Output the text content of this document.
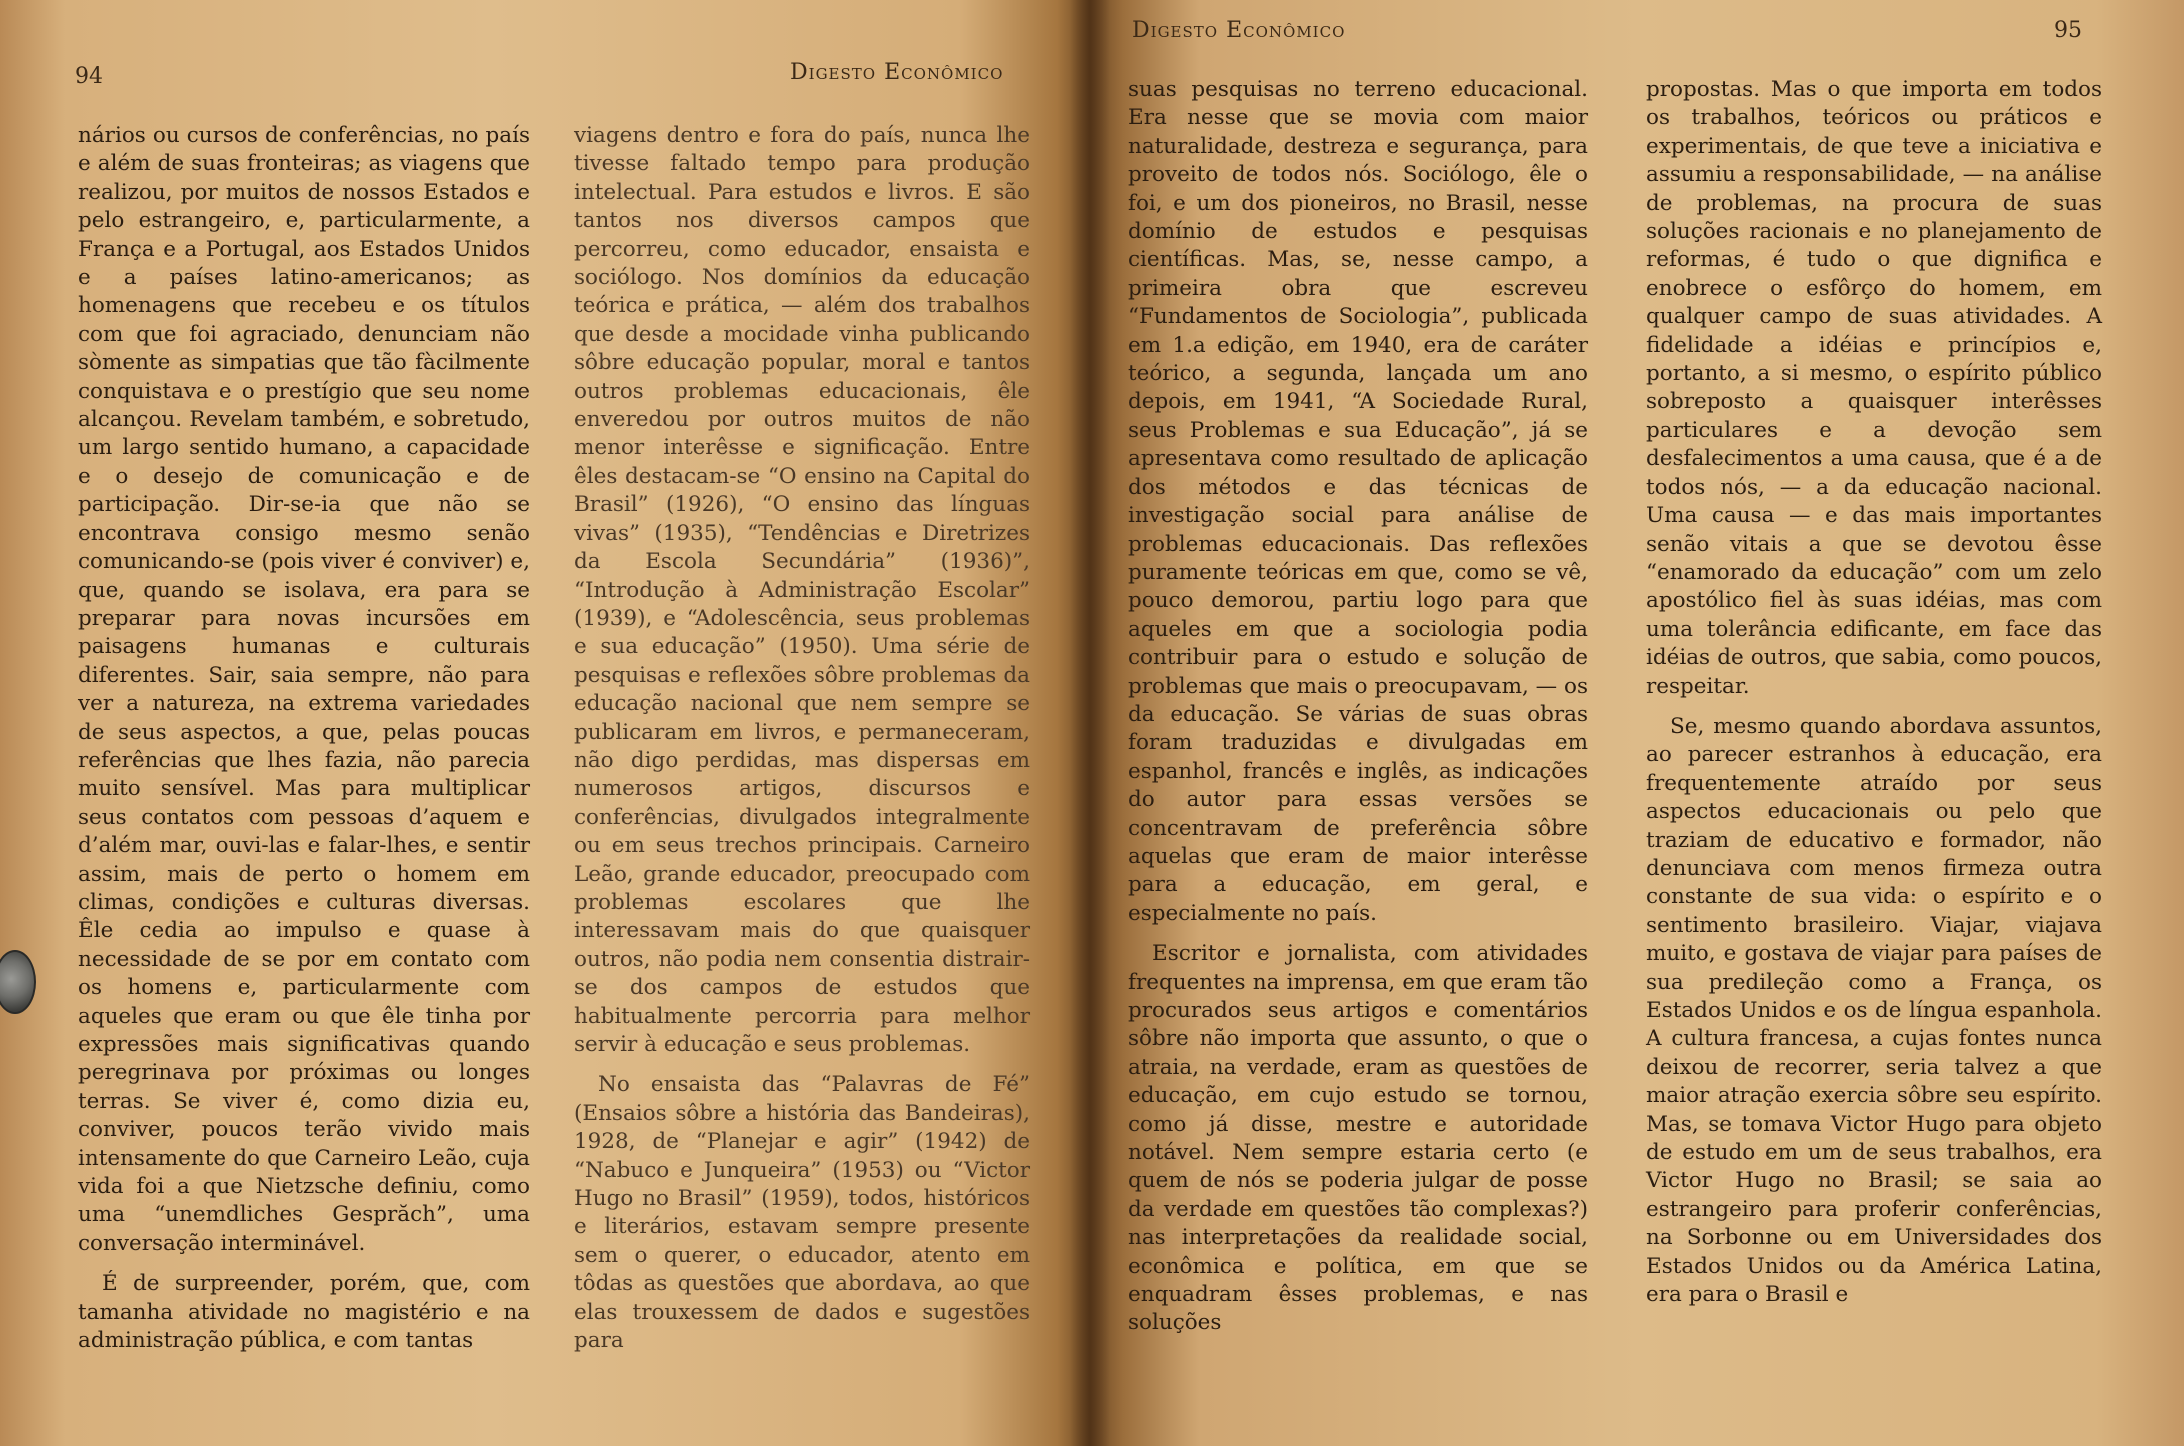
94	Digesto Econômico

nários ou cursos de conferências, no país e além de suas fronteiras; as viagens que realizou, por muitos de nossos Estados e pelo estrangeiro, e, particularmente, a França e a Portugal, aos Estados Unidos e a países latino-americanos; as homenagens que recebeu e os títulos com que foi agraciado, denunciam não sòmente as simpatias que tão fàcilmente conquistava e o prestígio que seu nome alcançou. Revelam também, e sobretudo, um largo sentido humano, a capacidade e o desejo de comunicação e de participação. Dir-se-ia que não se encontrava consigo mesmo senão comunicando-se (pois viver é conviver) e, que, quando se isolava, era para se preparar para novas incursões em paisagens humanas e culturais diferentes. Sair, saia sempre, não para ver a natureza, na extrema variedades de seus aspectos, a que, pelas poucas referências que lhes fazia, não parecia muito sensível. Mas para multiplicar seus contatos com pessoas d’aquem e d’além mar, ouvi-las e falar-lhes, e sentir assim, mais de perto o homem em climas, condições e culturas diversas. Êle cedia ao impulso e quase à necessidade de se por em contato com os homens e, particularmente com aqueles que eram ou que êle tinha por expressões mais significativas quando peregrinava por próximas ou longes terras. Se viver é, como dizia eu, conviver, poucos terão vivido mais intensamente do que Carneiro Leão, cuja vida foi a que Nietzsche definiu, como uma “unemdliches Gesprăch”, uma conversação interminável.

É de surpreender, porém, que, com tamanha atividade no magistério e na administração pública, e com tantas

viagens dentro e fora do país, nunca lhe tivesse faltado tempo para produção intelectual. Para estudos e livros. E são tantos nos diversos campos que percorreu, como educador, ensaista e sociólogo. Nos domínios da educação teórica e prática, — além dos trabalhos que desde a mocidade vinha publicando sôbre educação popular, moral e tantos outros problemas educacionais, êle enveredou por outros muitos de não menor interêsse e significação. Entre êles destacam-se “O ensino na Capital do Brasil” (1926), “O ensino das línguas vivas” (1935), “Tendências e Diretrizes da Escola Secundária” (1936)”, “Introdução à Administração Escolar” (1939), e “Adolescência, seus problemas e sua educação” (1950). Uma série de pesquisas e reflexões sôbre problemas da educação nacional que nem sempre se publicaram em livros, e permaneceram, não digo perdidas, mas dispersas em numerosos artigos, discursos e conferências, divulgados integralmente ou em seus trechos principais. Carneiro Leão, grande educador, preocupado com problemas escolares que lhe interessavam mais do que quaisquer outros, não podia nem consentia distrair-se dos campos de estudos que habitualmente percorria para melhor servir à educação e seus problemas.

No ensaista das “Palavras de Fé” (Ensaios sôbre a história das Bandeiras), 1928, de “Planejar e agir” (1942) de “Nabuco e Junqueira” (1953) ou “Victor Hugo no Brasil” (1959), todos, históricos e literários, estavam sempre presente sem o querer, o educador, atento em tôdas as questões que abordava, ao que elas trouxessem de dados e sugestões para

Digesto Econômico	95

suas pesquisas no terreno educacional. Era nesse que se movia com maior naturalidade, destreza e segurança, para proveito de todos nós. Sociólogo, êle o foi, e um dos pioneiros, no Brasil, nesse domínio de estudos e pesquisas científicas. Mas, se, nesse campo, a primeira obra que escreveu “Fundamentos de Sociologia”, publicada em 1.a edição, em 1940, era de caráter teórico, a segunda, lançada um ano depois, em 1941, “A Sociedade Rural, seus Problemas e sua Educação”, já se apresentava como resultado de aplicação dos métodos e das técnicas de investigação social para análise de problemas educacionais. Das reflexões puramente teóricas em que, como se vê, pouco demorou, partiu logo para que aqueles em que a sociologia podia contribuir para o estudo e solução de problemas que mais o preocupavam, — os da educação. Se várias de suas obras foram traduzidas e divulgadas em espanhol, francês e inglês, as indicações do autor para essas versões se concentravam de preferência sôbre aquelas que eram de maior interêsse para a educação, em geral, e especialmente no país.

Escritor e jornalista, com atividades frequentes na imprensa, em que eram tão procurados seus artigos e comentários sôbre não importa que assunto, o que o atraia, na verdade, eram as questões de educação, em cujo estudo se tornou, como já disse, mestre e autoridade notável. Nem sempre estaria certo (e quem de nós se poderia julgar de posse da verdade em questões tão complexas?) nas interpretações da realidade social, econômica e política, em que se enquadram êsses problemas, e nas soluções

propostas. Mas o que importa em todos os trabalhos, teóricos ou práticos e experimentais, de que teve a iniciativa e assumiu a responsabilidade, — na análise de problemas, na procura de suas soluções racionais e no planejamento de reformas, é tudo o que dignifica e enobrece o esfôrço do homem, em qualquer campo de suas atividades. A fidelidade a idéias e princípios e, portanto, a si mesmo, o espírito público sobreposto a quaisquer interêsses particulares e a devoção sem desfalecimentos a uma causa, que é a de todos nós, — a da educação nacional. Uma causa — e das mais importantes senão vitais a que se devotou êsse “enamorado da educação” com um zelo apostólico fiel às suas idéias, mas com uma tolerância edificante, em face das idéias de outros, que sabia, como poucos, respeitar.

Se, mesmo quando abordava assuntos, ao parecer estranhos à educação, era frequentemente atraído por seus aspectos educacionais ou pelo que traziam de educativo e formador, não denunciava com menos firmeza outra constante de sua vida: o espírito e o sentimento brasileiro. Viajar, viajava muito, e gostava de viajar para países de sua predileção como a França, os Estados Unidos e os de língua espanhola. A cultura francesa, a cujas fontes nunca deixou de recorrer, seria talvez a que maior atração exercia sôbre seu espírito. Mas, se tomava Victor Hugo para objeto de estudo em um de seus trabalhos, era Victor Hugo no Brasil; se saia ao estrangeiro para proferir conferências, na Sorbonne ou em Universidades dos Estados Unidos ou da América Latina, era para o Brasil e
